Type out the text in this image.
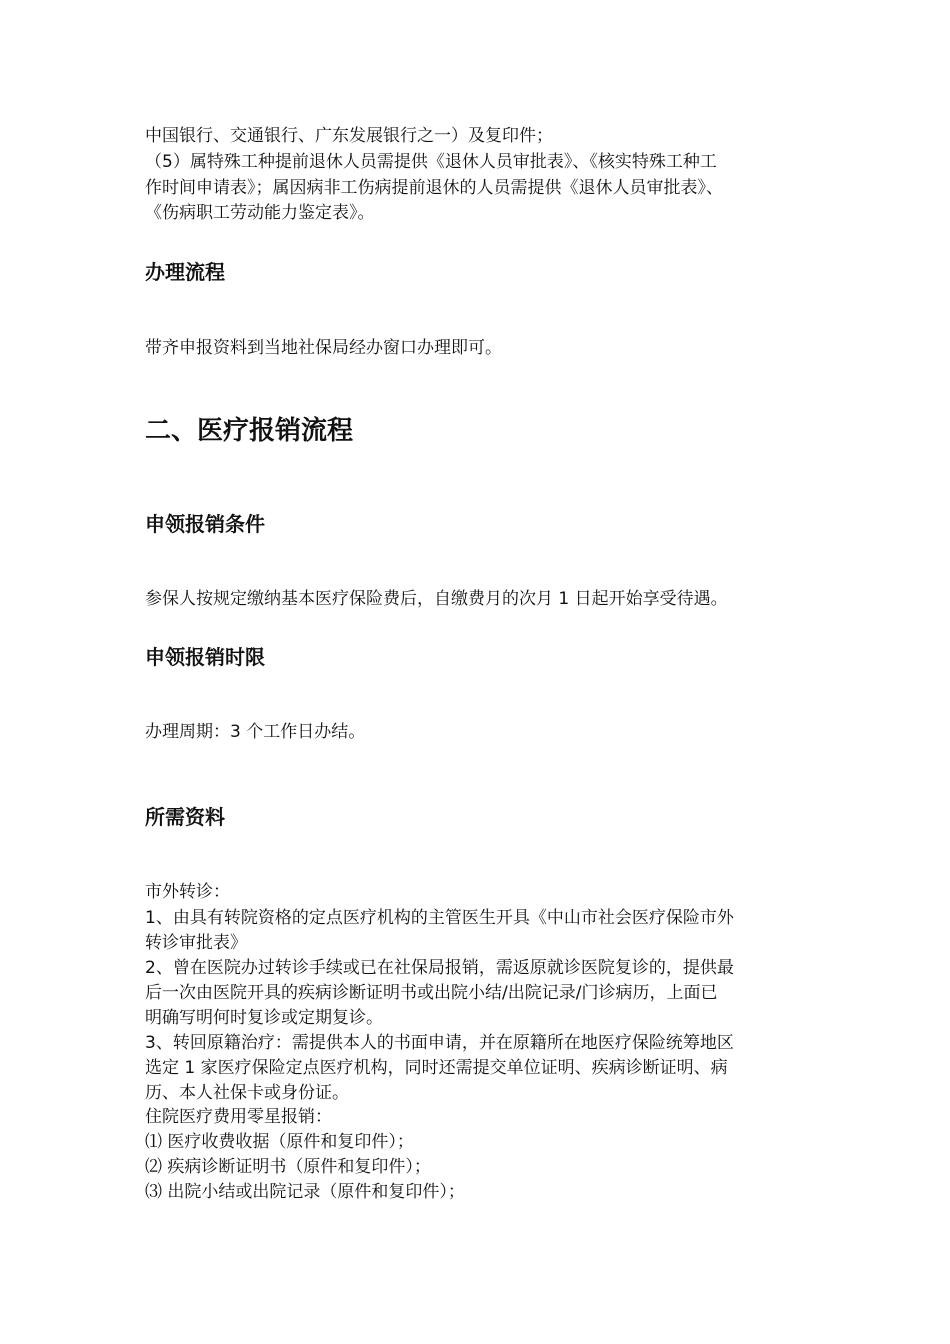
中国银行、交通银行、广东发展银行之一）及复印件；

（5）属特殊工种提前退休人员需提供《退休人员审批表》、《核实特殊工种工

作时间申请表》；属因病非工伤病提前退休的人员需提供《退休人员审批表》、

《伤病职工劳动能力鉴定表》。

办理流程

带齐申报资料到当地社保局经办窗口办理即可。

二、医疗报销流程
申领报销条件

参保人按规定缴纳基本医疗保险费后，自缴费月的次月 1 日起开始享受待遇。

申领报销时限

办理周期：3 个工作日办结。

所需资料

市外转诊：

1、由具有转院资格的定点医疗机构的主管医生开具《中山市社会医疗保险市外

转诊审批表》

2、曾在医院办过转诊手续或已在社保局报销，需返原就诊医院复诊的，提供最

后一次由医院开具的疾病诊断证明书或出院小结/出院记录/门诊病历，上面已

明确写明何时复诊或定期复诊。

3、转回原籍治疗：需提供本人的书面申请，并在原籍所在地医疗保险统筹地区

选定 1 家医疗保险定点医疗机构，同时还需提交单位证明、疾病诊断证明、病

历、本人社保卡或身份证。

住院医疗费用零星报销：

⑴ 医疗收费收据（原件和复印件）；

⑵ 疾病诊断证明书（原件和复印件）；

⑶ 出院小结或出院记录（原件和复印件）；
